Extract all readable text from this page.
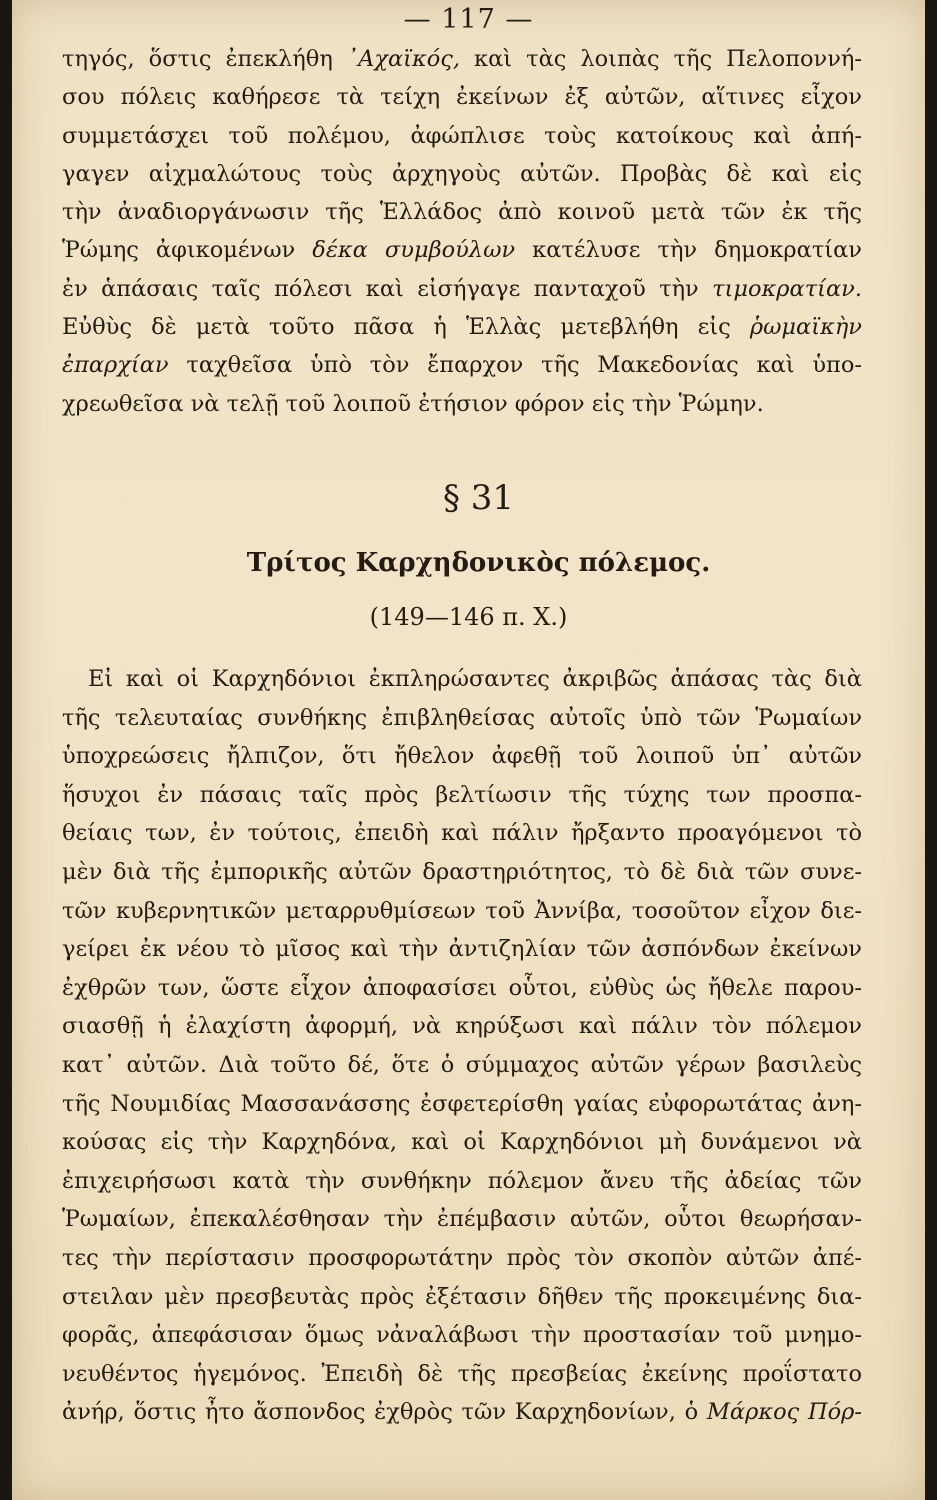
— 117 —
τηγός, ὅστις ἐπεκλήθη ᾿Αχαϊκός, καὶ τὰς λοιπὰς τῆς Πελοποννή-
σου πόλεις καθήρεσε τὰ τείχη ἐκείνων ἐξ αὐτῶν, αἵτινες εἶχον
συμμετάσχει τοῦ πολέμου, ἀφώπλισε τοὺς κατοίκους καὶ ἀπή-
γαγεν αἰχμαλώτους τοὺς ἀρχηγοὺς αὐτῶν. Προβὰς δὲ καὶ εἰς
τὴν ἀναδιοργάνωσιν τῆς Ἑλλάδος ἀπὸ κοινοῦ μετὰ τῶν ἐκ τῆς
Ῥώμης ἀφικομένων δέκα συμβούλων κατέλυσε τὴν δημοκρατίαν
ἐν ἁπάσαις ταῖς πόλεσι καὶ εἰσήγαγε πανταχοῦ τὴν τιμοκρατίαν.
Εὐθὺς δὲ μετὰ τοῦτο πᾶσα ἡ Ἑλλὰς μετεβλήθη εἰς ῥωμαϊκὴν
ἐπαρχίαν ταχθεῖσα ὑπὸ τὸν ἔπαρχον τῆς Μακεδονίας καὶ ὑπο-
χρεωθεῖσα νὰ τελῇ τοῦ λοιποῦ ἐτήσιον φόρον εἰς τὴν Ῥώμην.
§ 31
Τρίτος Καρχηδονικὸς πόλεμος.
(149—146 π. Χ.)
Εἰ καὶ οἱ Καρχηδόνιοι ἐκπληρώσαντες ἀκριβῶς ἁπάσας τὰς διὰ
τῆς τελευταίας συνθήκης ἐπιβληθείσας αὐτοῖς ὑπὸ τῶν Ῥωμαίων
ὑποχρεώσεις ἤλπιζον, ὅτι ἤθελον ἀφεθῇ τοῦ λοιποῦ ὑπ᾿ αὐτῶν
ἥσυχοι ἐν πάσαις ταῖς πρὸς βελτίωσιν τῆς τύχης των προσπα-
θείαις των, ἐν τούτοις, ἐπειδὴ καὶ πάλιν ἤρξαντο προαγόμενοι τὸ
μὲν διὰ τῆς ἐμπορικῆς αὐτῶν δραστηριότητος, τὸ δὲ διὰ τῶν συνε-
τῶν κυβερνητικῶν μεταρρυθμίσεων τοῦ Ἀννίβα, τοσοῦτον εἶχον διε-
γείρει ἐκ νέου τὸ μῖσος καὶ τὴν ἀντιζηλίαν τῶν ἀσπόνδων ἐκείνων
ἐχθρῶν των, ὥστε εἶχον ἀποφασίσει οὗτοι, εὐθὺς ὡς ἤθελε παρου-
σιασθῇ ἡ ἐλαχίστη ἀφορμή, νὰ κηρύξωσι καὶ πάλιν τὸν πόλεμον
κατ᾿ αὐτῶν. Διὰ τοῦτο δέ, ὅτε ὁ σύμμαχος αὐτῶν γέρων βασιλεὺς
τῆς Νουμιδίας Μασσανάσσης ἐσφετερίσθη γαίας εὐφορωτάτας ἀνη-
κούσας εἰς τὴν Καρχηδόνα, καὶ οἱ Καρχηδόνιοι μὴ δυνάμενοι νὰ
ἐπιχειρήσωσι κατὰ τὴν συνθήκην πόλεμον ἄνευ τῆς ἀδείας τῶν
Ῥωμαίων, ἐπεκαλέσθησαν τὴν ἐπέμβασιν αὐτῶν, οὗτοι θεωρήσαν-
τες τὴν περίστασιν προσφορωτάτην πρὸς τὸν σκοπὸν αὐτῶν ἀπέ-
στειλαν μὲν πρεσβευτὰς πρὸς ἐξέτασιν δῆθεν τῆς προκειμένης δια-
φορᾶς, ἀπεφάσισαν ὅμως νἀναλάβωσι τὴν προστασίαν τοῦ μνημο-
νευθέντος ἡγεμόνος. Ἐπειδὴ δὲ τῆς πρεσβείας ἐκείνης προΐστατο
ἀνήρ, ὅστις ἦτο ἄσπονδος ἐχθρὸς τῶν Καρχηδονίων, ὁ Μάρκος Πόρ-
